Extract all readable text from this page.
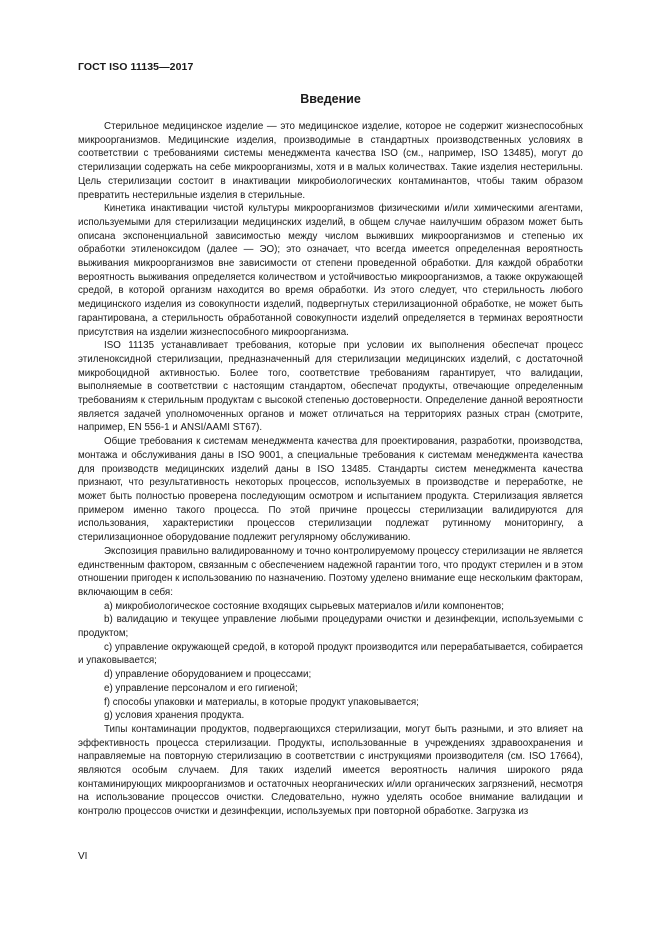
ГОСТ ISO 11135—2017
Введение

Стерильное медицинское изделие — это медицинское изделие, которое не содержит жизнеспособных микроорганизмов. Медицинские изделия, производимые в стандартных производственных условиях в соответствии с требованиями системы менеджмента качества ISO (см., например, ISO 13485), могут до стерилизации содержать на себе микроорганизмы, хотя и в малых количествах. Такие изделия нестерильны. Цель стерилизации состоит в инактивации микробиологических контаминантов, чтобы таким образом превратить нестерильные изделия в стерильные.

Кинетика инактивации чистой культуры микроорганизмов физическими и/или химическими агентами, используемыми для стерилизации медицинских изделий, в общем случае наилучшим образом может быть описана экспоненциальной зависимостью между числом выживших микроорганизмов и степенью их обработки этиленоксидом (далее — ЭО); это означает, что всегда имеется определенная вероятность выживания микроорганизмов вне зависимости от степени проведенной обработки. Для каждой обработки вероятность выживания определяется количеством и устойчивостью микроорганизмов, а также окружающей средой, в которой организм находится во время обработки. Из этого следует, что стерильность любого медицинского изделия из совокупности изделий, подвергнутых стерилизационной обработке, не может быть гарантирована, а стерильность обработанной совокупности изделий определяется в терминах вероятности присутствия на изделии жизнеспособного микроорганизма.

ISO 11135 устанавливает требования, которые при условии их выполнения обеспечат процесс этиленоксидной стерилизации, предназначенный для стерилизации медицинских изделий, с достаточной микробоцидной активностью. Более того, соответствие требованиям гарантирует, что валидации, выполняемые в соответствии с настоящим стандартом, обеспечат продукты, отвечающие определенным требованиям к стерильным продуктам с высокой степенью достоверности. Определение данной вероятности является задачей уполномоченных органов и может отличаться на территориях разных стран (смотрите, например, EN 556-1 и ANSI/AAMI ST67).

Общие требования к системам менеджмента качества для проектирования, разработки, производства, монтажа и обслуживания даны в ISO 9001, а специальные требования к системам менеджмента качества для производств медицинских изделий даны в ISO 13485. Стандарты систем менеджмента качества признают, что результативность некоторых процессов, используемых в производстве и переработке, не может быть полностью проверена последующим осмотром и испытанием продукта. Стерилизация является примером именно такого процесса. По этой причине процессы стерилизации валидируются для использования, характеристики процессов стерилизации подлежат рутинному мониторингу, а стерилизационное оборудование подлежит регулярному обслуживанию.

Экспозиция правильно валидированному и точно контролируемому процессу стерилизации не является единственным фактором, связанным с обеспечением надежной гарантии того, что продукт стерилен и в этом отношении пригоден к использованию по назначению. Поэтому уделено внимание еще нескольким факторам, включающим в себя:

a) микробиологическое состояние входящих сырьевых материалов и/или компонентов;

b) валидацию и текущее управление любыми процедурами очистки и дезинфекции, используемыми с продуктом;

c) управление окружающей средой, в которой продукт производится или перерабатывается, собирается и упаковывается;

d) управление оборудованием и процессами;

e) управление персоналом и его гигиеной;

f) способы упаковки и материалы, в которые продукт упаковывается;

g) условия хранения продукта.

Типы контаминации продуктов, подвергающихся стерилизации, могут быть разными, и это влияет на эффективность процесса стерилизации. Продукты, использованные в учреждениях здравоохранения и направляемые на повторную стерилизацию в соответствии с инструкциями производителя (см. ISO 17664), являются особым случаем. Для таких изделий имеется вероятность наличия широкого ряда контаминирующих микроорганизмов и остаточных неорганических и/или органических загрязнений, несмотря на использование процессов очистки. Следовательно, нужно уделять особое внимание валидации и контролю процессов очистки и дезинфекции, используемых при повторной обработке. Загрузка из

VI
